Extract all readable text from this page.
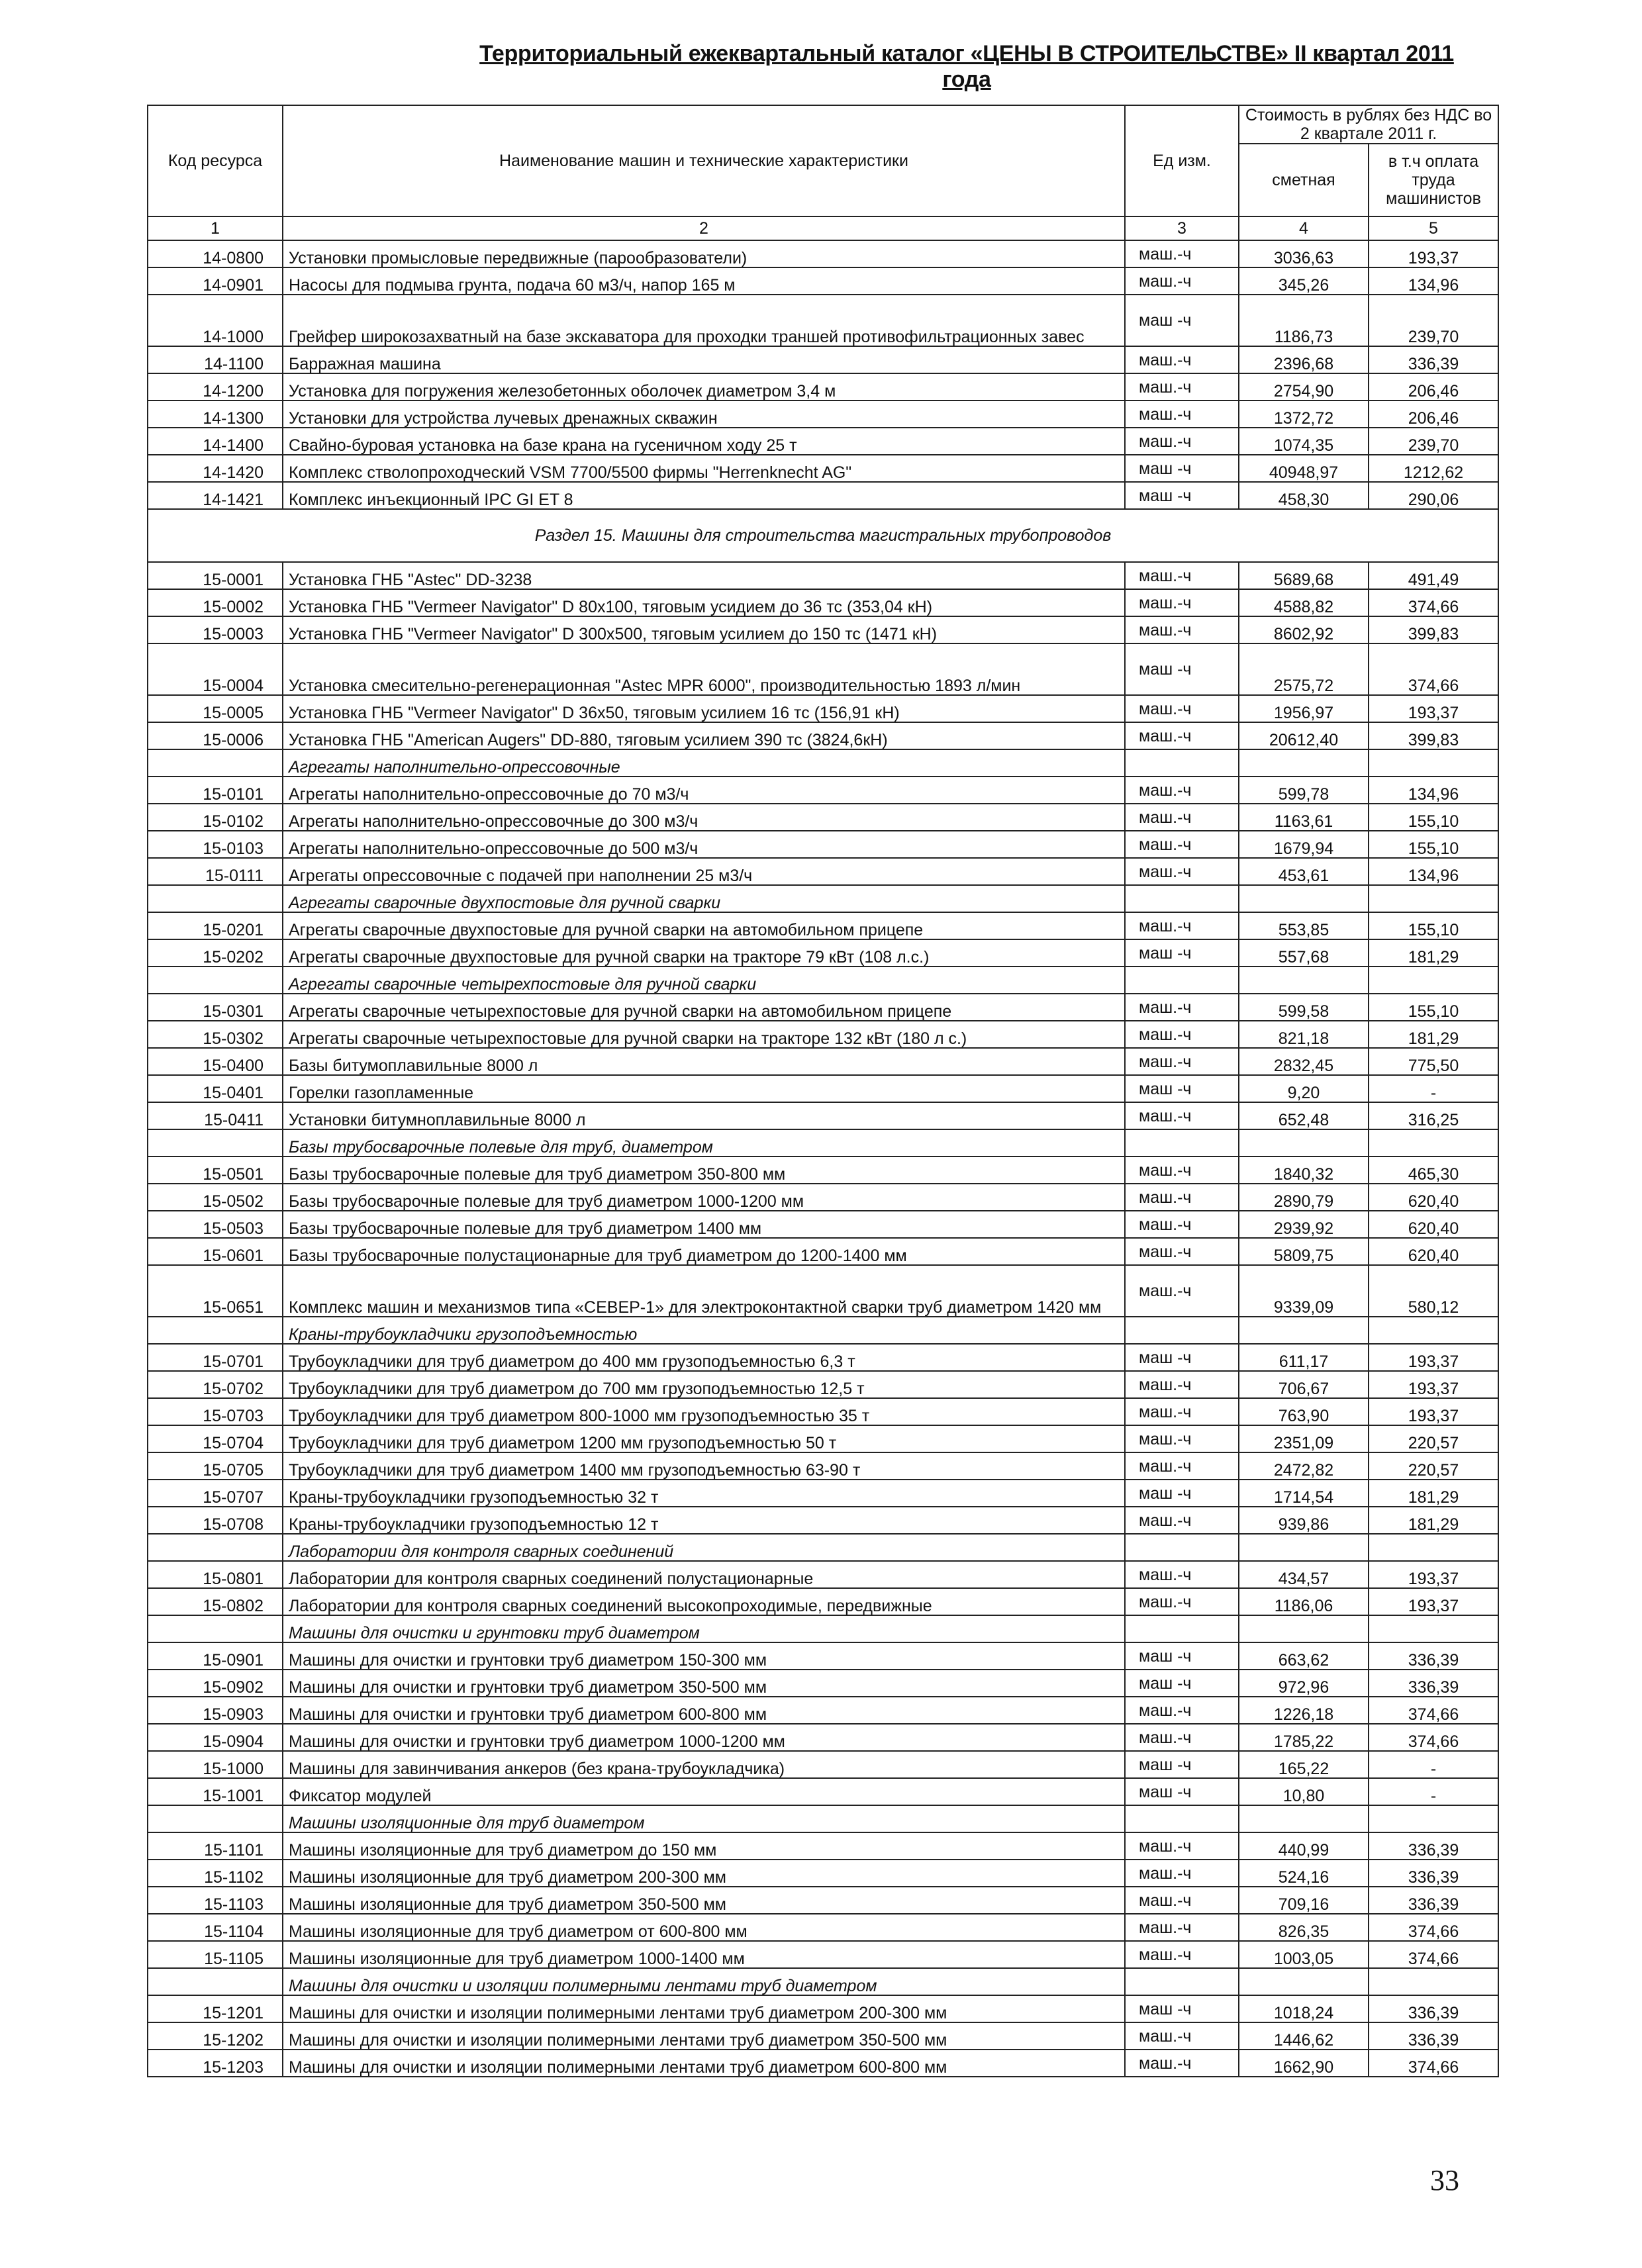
Территориальный ежеквартальный каталог «ЦЕНЫ В СТРОИТЕЛЬСТВЕ» II квартал 2011 года
Код ресурса	Наименование машин и технические характеристики	Ед изм.	Стоимость в рублях без НДС во 2 квартале 2011 г.	
			сметная	в т.ч оплата труда машинистов
1	2	3	4	5
14-0800	Установки промысловые передвижные (парообразователи)	маш.-ч	3036,63	193,37
14-0901	Насосы для подмыва грунта, подача 60 м3/ч, напор 165 м	маш.-ч	345,26	134,96
14-1000	Грейфер широкозахватный на базе экскаватора для проходки траншей противофильтрационных завес	маш -ч	1186,73	239,70
14-1100	Барражная машина	маш.-ч	2396,68	336,39
14-1200	Установка для погружения железобетонных оболочек диаметром 3,4 м	маш.-ч	2754,90	206,46
14-1300	Установки для устройства лучевых дренажных скважин	маш.-ч	1372,72	206,46
14-1400	Свайно-буровая установка на базе крана на гусеничном ходу 25 т	маш.-ч	1074,35	239,70
14-1420	Комплекс стволопроходческий VSM 7700/5500 фирмы "Herrenknecht AG"	маш -ч	40948,97	1212,62
14-1421	Комплекс инъекционный IPC GI ET 8	маш -ч	458,30	290,06
Раздел 15. Машины для строительства магистральных трубопроводов				
15-0001	Установка ГНБ "Astec" DD-3238	маш.-ч	5689,68	491,49
15-0002	Установка ГНБ "Vermeer Navigator" D 80х100, тяговым усидием до 36 тс (353,04 кН)	маш.-ч	4588,82	374,66
15-0003	Установка ГНБ "Vermeer Navigator" D 300х500, тяговым усилием до 150 тс (1471 кН)	маш.-ч	8602,92	399,83
15-0004	Установка смесительно-регенерационная "Astec MPR 6000", производительностью 1893 л/мин	маш -ч	2575,72	374,66
15-0005	Установка ГНБ "Vermeer Navigator" D 36х50, тяговым усилием 16 тс (156,91 кН)	маш.-ч	1956,97	193,37
15-0006	Установка ГНБ "American Augers" DD-880, тяговым усилием 390 тс (3824,6кН)	маш.-ч	20612,40	399,83
	Агрегаты наполнительно-опрессовочные			
15-0101	Агрегаты наполнительно-опрессовочные до 70 м3/ч	маш.-ч	599,78	134,96
15-0102	Агрегаты наполнительно-опрессовочные до 300 м3/ч	маш.-ч	1163,61	155,10
15-0103	Агрегаты наполнительно-опрессовочные до 500 м3/ч	маш.-ч	1679,94	155,10
15-0111	Агрегаты опрессовочные с подачей при наполнении 25 м3/ч	маш.-ч	453,61	134,96
	Агрегаты сварочные двухпостовые для ручной сварки			
15-0201	Агрегаты сварочные двухпостовые для ручной сварки на автомобильном прицепе	маш.-ч	553,85	155,10
15-0202	Агрегаты сварочные двухпостовые для ручной сварки на тракторе 79 кВт (108 л.с.)	маш -ч	557,68	181,29
	Агрегаты сварочные четырехпостовые для ручной сварки			
15-0301	Агрегаты сварочные четырехпостовые для ручной сварки на автомобильном прицепе	маш.-ч	599,58	155,10
15-0302	Агрегаты сварочные четырехпостовые для ручной сварки на тракторе 132 кВт (180 л с.)	маш.-ч	821,18	181,29
15-0400	Базы битумоплавильные 8000 л	маш.-ч	2832,45	775,50
15-0401	Горелки газопламенные	маш -ч	9,20	-
15-0411	Установки битумноплавильные 8000 л	маш.-ч	652,48	316,25
	Базы трубосварочные полевые для труб, диаметром			
15-0501	Базы трубосварочные полевые для труб диаметром 350-800 мм	маш.-ч	1840,32	465,30
15-0502	Базы трубосварочные полевые для труб диаметром 1000-1200 мм	маш.-ч	2890,79	620,40
15-0503	Базы трубосварочные полевые для труб диаметром 1400 мм	маш.-ч	2939,92	620,40
15-0601	Базы трубосварочные полустационарные для труб диаметром до 1200-1400 мм	маш.-ч	5809,75	620,40
15-0651	Комплекс машин и механизмов типа «СЕВЕР-1» для электроконтактной сварки труб диаметром 1420 мм	маш.-ч	9339,09	580,12
	Краны-трубоукладчики грузоподъемностью			
15-0701	Трубоукладчики для труб диаметром до 400 мм грузоподъемностью 6,3 т	маш -ч	611,17	193,37
15-0702	Трубоукладчики для труб диаметром до 700 мм грузоподъемностью 12,5 т	маш.-ч	706,67	193,37
15-0703	Трубоукладчики для труб диаметром 800-1000 мм грузоподъемностью 35 т	маш.-ч	763,90	193,37
15-0704	Трубоукладчики для труб диаметром 1200 мм грузоподъемностью 50 т	маш.-ч	2351,09	220,57
15-0705	Трубоукладчики для труб диаметром 1400 мм грузоподъемностью 63-90 т	маш.-ч	2472,82	220,57
15-0707	Краны-трубоукладчики грузоподъемностью 32 т	маш -ч	1714,54	181,29
15-0708	Краны-трубоукладчики грузоподъемностью 12 т	маш.-ч	939,86	181,29
	Лаборатории для контроля сварных соединений			
15-0801	Лаборатории для контроля сварных соединений полустационарные	маш.-ч	434,57	193,37
15-0802	Лаборатории для контроля сварных соединений высокопроходимые, передвижные	маш.-ч	1186,06	193,37
	Машины для очистки и грунтовки труб диаметром			
15-0901	Машины для очистки и грунтовки труб диаметром 150-300 мм	маш -ч	663,62	336,39
15-0902	Машины для очистки и грунтовки труб диаметром 350-500 мм	маш -ч	972,96	336,39
15-0903	Машины для очистки и грунтовки труб диаметром 600-800 мм	маш.-ч	1226,18	374,66
15-0904	Машины для очистки и грунтовки труб диаметром 1000-1200 мм	маш.-ч	1785,22	374,66
15-1000	Машины для завинчивания анкеров (без крана-трубоукладчика)	маш -ч	165,22	-
15-1001	Фиксатор модулей	маш -ч	10,80	-
	Машины изоляционные для труб диаметром			
15-1101	Машины изоляционные для труб диаметром до 150 мм	маш.-ч	440,99	336,39
15-1102	Машины изоляционные для труб диаметром 200-300 мм	маш.-ч	524,16	336,39
15-1103	Машины изоляционные для труб диаметром 350-500 мм	маш.-ч	709,16	336,39
15-1104	Машины изоляционные для труб диаметром от 600-800 мм	маш.-ч	826,35	374,66
15-1105	Машины изоляционные для труб диаметром 1000-1400 мм	маш.-ч	1003,05	374,66
	Машины для очистки и изоляции полимерными лентами труб диаметром			
15-1201	Машины для очистки и изоляции полимерными лентами труб диаметром 200-300 мм	маш -ч	1018,24	336,39
15-1202	Машины для очистки и изоляции полимерными лентами труб диаметром 350-500 мм	маш.-ч	1446,62	336,39
15-1203	Машины для очистки и изоляции полимерными лентами труб диаметром 600-800 мм	маш.-ч	1662,90	374,66
33
